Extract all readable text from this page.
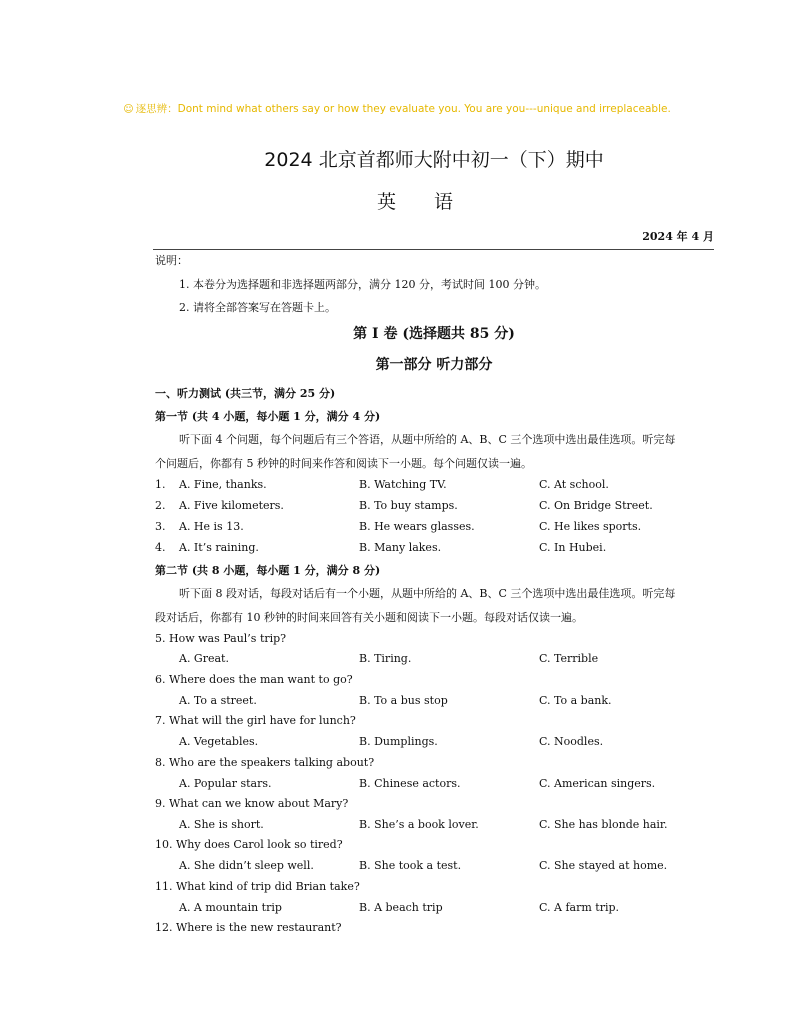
☺ 逐思辨：Dont mind what others say or how they evaluate you. You are you---unique and irreplaceable.
2024 北京首都师大附中初一（下）期中
英语
2024 年 4 月
说明：
1. 本卷分为选择题和非选择题两部分，满分 120 分，考试时间 100 分钟。
2. 请将全部答案写在答题卡上。
第 I 卷 (选择题共 85 分)
第一部分 听力部分
一、听力测试 (共三节，满分 25 分)
第一节 (共 4 小题，每小题 1 分，满分 4 分)
听下面 4 个问题，每个问题后有三个答语，从题中所给的 A、B、C 三个选项中选出最佳选项。听完每
个问题后，你都有 5 秒钟的时间来作答和阅读下一小题。每个问题仅读一遍。
1. A. Fine, thanks.	B. Watching TV.	C. At school.
2. A. Five kilometers.	B. To buy stamps.	C. On Bridge Street.
3. A. He is 13.	B. He wears glasses.	C. He likes sports.
4. A. It’s raining.	B. Many lakes.	C. In Hubei.
第二节 (共 8 小题，每小题 1 分，满分 8 分)
听下面 8 段对话，每段对话后有一个小题，从题中所给的 A、B、C 三个选项中选出最佳选项。听完每
段对话后，你都有 10 秒钟的时间来回答有关小题和阅读下一小题。每段对话仅读一遍。
5. How was Paul’s trip?
A. Great.	B. Tiring.	C. Terrible
6. Where does the man want to go?
A. To a street.	B. To a bus stop	C. To a bank.
7. What will the girl have for lunch?
A. Vegetables.	B. Dumplings.	C. Noodles.
8. Who are the speakers talking about?
A. Popular stars.	B. Chinese actors.	C. American singers.
9. What can we know about Mary?
A. She is short.	B. She’s a book lover.	C. She has blonde hair.
10. Why does Carol look so tired?
A. She didn’t sleep well.	B. She took a test.	C. She stayed at home.
11. What kind of trip did Brian take?
A. A mountain trip	B. A beach trip	C. A farm trip.
12. Where is the new restaurant?
